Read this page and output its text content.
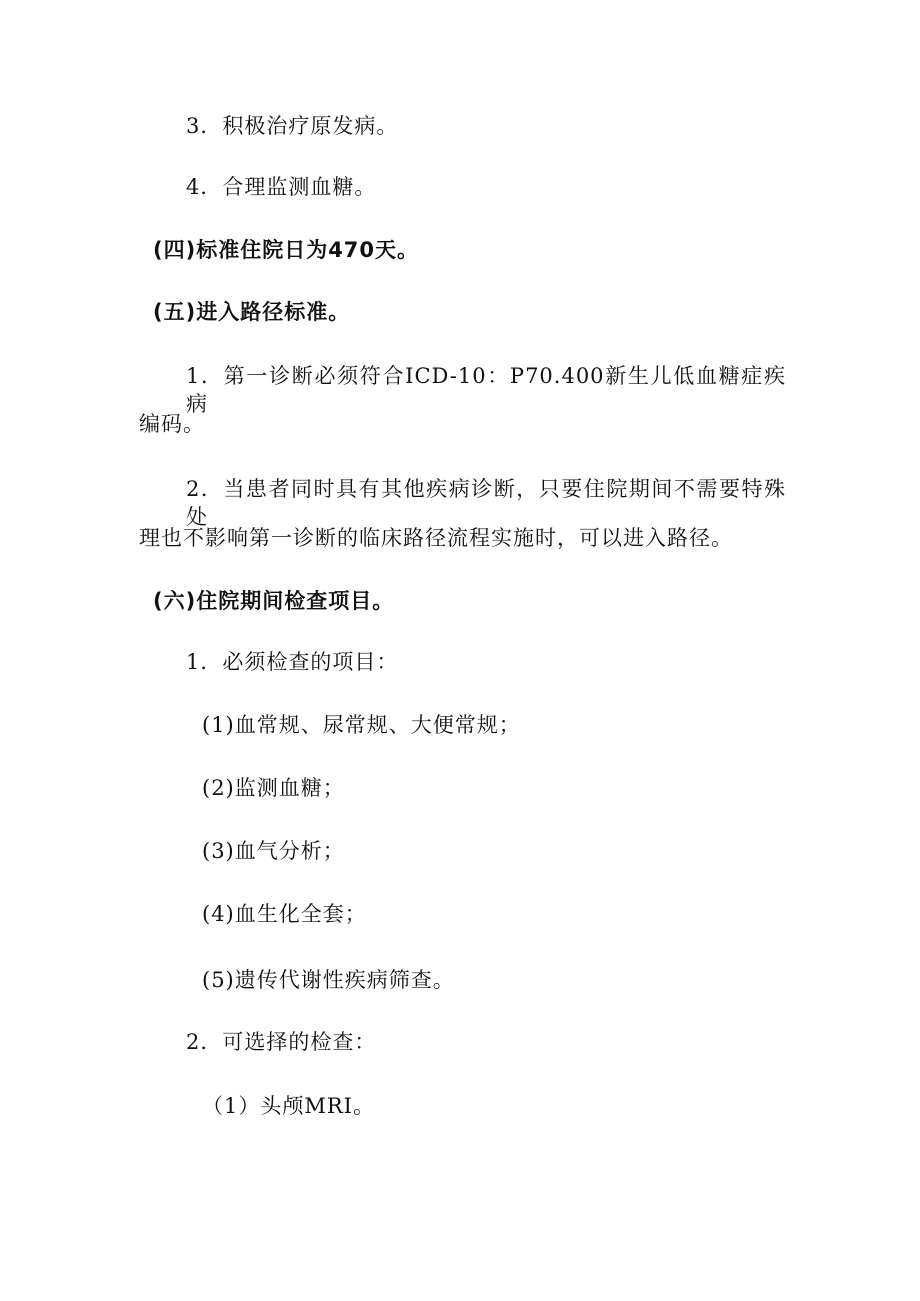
3．积极治疗原发病。
4．合理监测血糖。
(四)标准住院日为470天。
(五)进入路径标准。
1．第一诊断必须符合ICD-10：P70.400新生儿低血糖症疾病
编码。
2．当患者同时具有其他疾病诊断，只要住院期间不需要特殊处
理也不影响第一诊断的临床路径流程实施时，可以进入路径。
(六)住院期间检查项目。
1．必须检查的项目：
(1)血常规、尿常规、大便常规；
(2)监测血糖；
(3)血气分析；
(4)血生化全套；
(5)遗传代谢性疾病筛查。
2．可选择的检查：
（1）头颅MRI。
